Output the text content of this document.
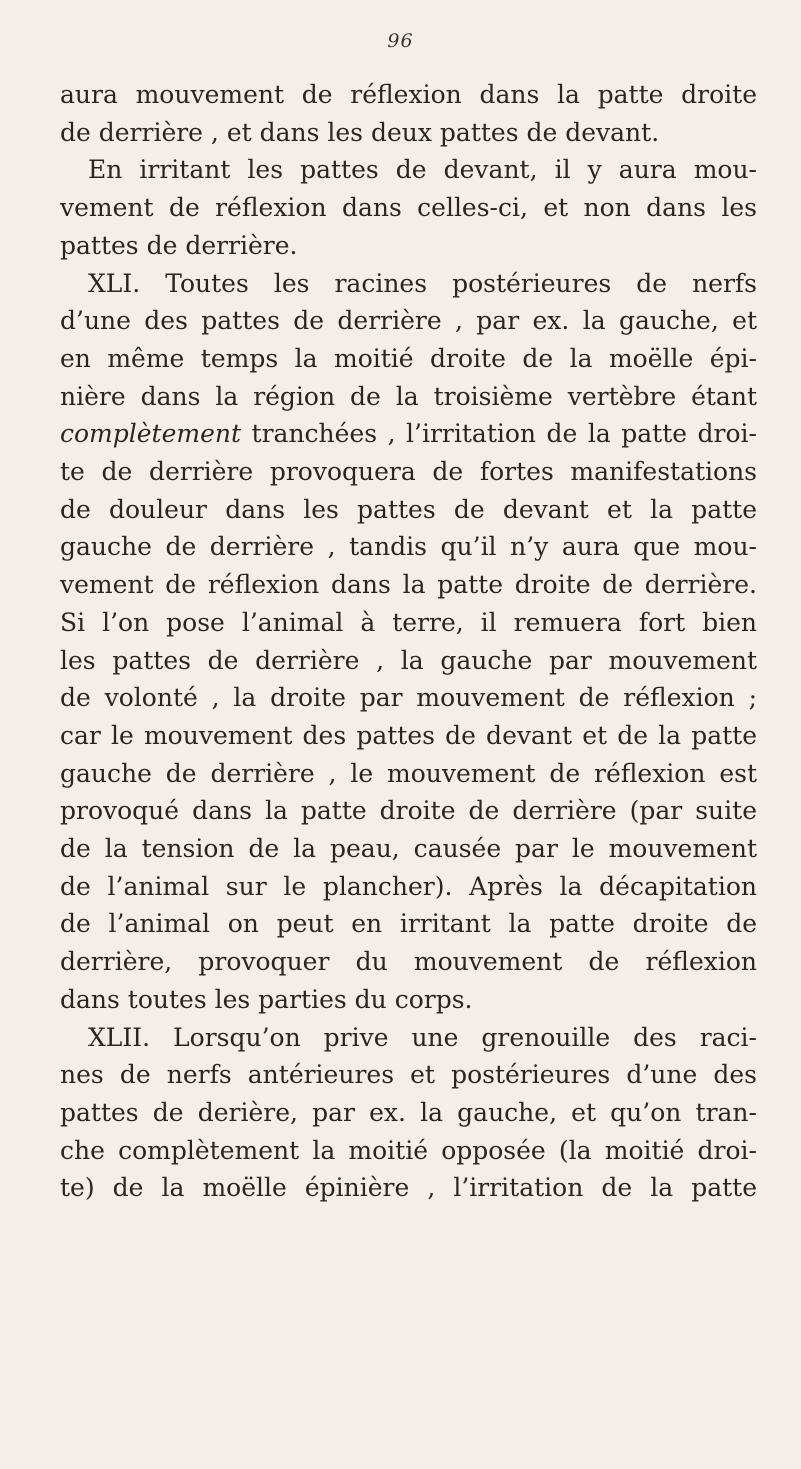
96
aura mouvement de réflexion dans la patte droite
de derrière , et dans les deux pattes de devant.
En irritant les pattes de devant, il y aura mou-
vement de réflexion dans celles-ci, et non dans les
pattes de derrière.
XLI. Toutes les racines postérieures de nerfs
d’une des pattes de derrière , par ex. la gauche, et
en même temps la moitié droite de la moëlle épi-
nière dans la région de la troisième vertèbre étant
complètement tranchées , l’irritation de la patte droi-
te de derrière provoquera de fortes manifestations
de douleur dans les pattes de devant et la patte
gauche de derrière , tandis qu’il n’y aura que mou-
vement de réflexion dans la patte droite de derrière.
Si l’on pose l’animal à terre, il remuera fort bien
les pattes de derrière , la gauche par mouvement
de volonté , la droite par mouvement de réflexion ;
car le mouvement des pattes de devant et de la patte
gauche de derrière , le mouvement de réflexion est
provoqué dans la patte droite de derrière (par suite
de la tension de la peau, causée par le mouvement
de l’animal sur le plancher). Après la décapitation
de l’animal on peut en irritant la patte droite de
derrière, provoquer du mouvement de réflexion
dans toutes les parties du corps.
XLII. Lorsqu’on prive une grenouille des raci-
nes de nerfs antérieures et postérieures d’une des
pattes de derière, par ex. la gauche, et qu’on tran-
che complètement la moitié opposée (la moitié droi-
te) de la moëlle épinière , l’irritation de la patte
